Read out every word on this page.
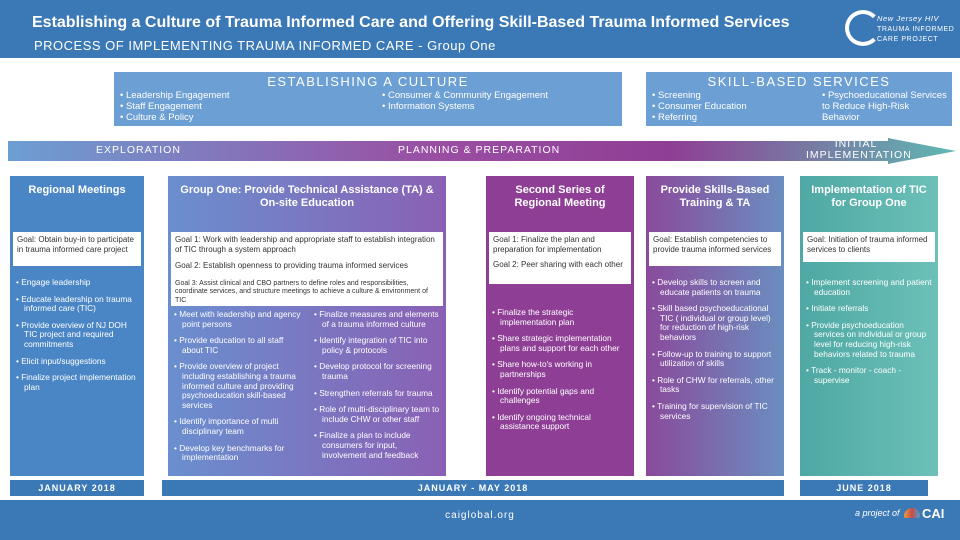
Establishing a Culture of Trauma Informed Care and Offering Skill-Based Trauma Informed Services
PROCESS OF IMPLEMENTING TRAUMA INFORMED CARE - Group One
New Jersey HIV
TRAUMA INFORMED
CARE PROJECT
ESTABLISHING A CULTURE
• Leadership Engagement
• Staff Engagement
• Culture & Policy
• Consumer & Community Engagement
• Information Systems
SKILL-BASED SERVICES
• Screening
• Consumer Education
• Referring
• Psychoeducational Services to Reduce High-Risk Behavior
EXPLORATION	PLANNING & PREPARATION	INITIAL IMPLEMENTATION
Regional Meetings
Goal: Obtain buy-in to participate in trauma informed care project
• Engage leadership
• Educate leadership on trauma informed care (TIC)
• Provide overview of NJ DOH TIC project and required commitments
• Elicit input/suggestions
• Finalize project implementation plan
Group One: Provide Technical Assistance (TA) & On-site Education
Goal 1: Work with leadership and appropriate staff to establish integration of TIC through a system approach
Goal 2: Establish openness to providing trauma informed services
Goal 3: Assist clinical and CBO partners to define roles and responsibilities, coordinate services, and structure meetings to achieve a culture & environment of TIC
• Meet with leadership and agency point persons
• Provide education to all staff about TIC
• Provide overview of project including establishing a trauma informed culture and providing psychoeducation skill-based services
• Identify importance of multi disciplinary team
• Develop key benchmarks for implementation
• Finalize measures and elements of a trauma informed culture
• Identify integration of TIC into policy & protocols
• Develop protocol for screening trauma
• Strengthen referrals for trauma
• Role of multi-disciplinary team to include CHW or other staff
• Finalize a plan to include consumers for input, involvement and feedback
Second Series of Regional Meeting
Goal 1: Finalize the plan and preparation for implementation
Goal 2: Peer sharing with each other
• Finalize the strategic implementation plan
• Share strategic implementation plans and support for each other
• Share how-to's working in partnerships
• Identify potential gaps and challenges
• Identify ongoing technical assistance support
Provide Skills-Based Training & TA
Goal: Establish competencies to provide trauma informed services
• Develop skills to screen and educate patients on trauma
• Skill based psychoeducational TIC ( individual or group level) for reduction of high-risk behaviors
• Follow-up to training to support utilization of skills
• Role of CHW for referrals, other tasks
• Training for supervision of TIC services
Implementation of TIC for Group One
Goal: Initiation of trauma informed services to clients
• Implement screening and patient education
• Initiate referrals
• Provide psychoeducation services on individual or group level for reducing high-risk behaviors related to trauma
• Track - monitor - coach - supervise
JANUARY 2018	JANUARY - MAY 2018	JUNE 2018
caiglobal.org	a project of CAI
